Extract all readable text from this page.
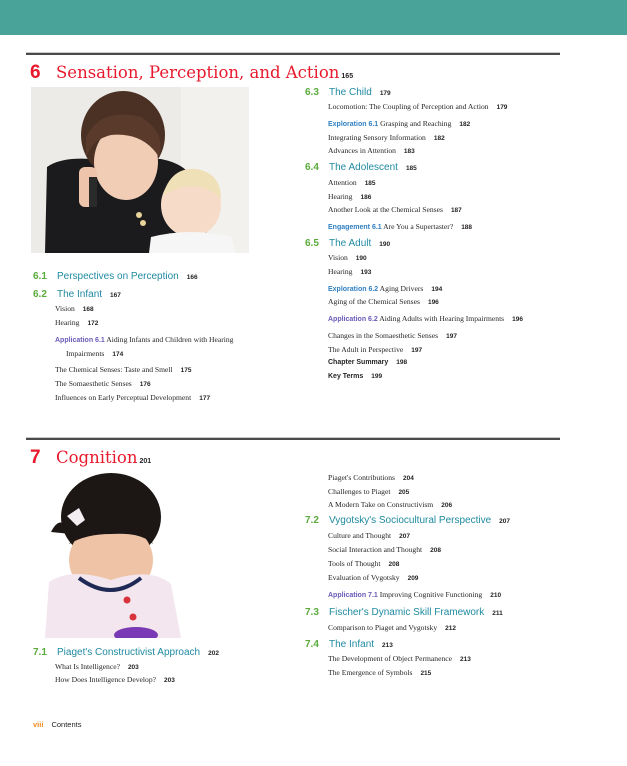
6 Sensation, Perception, and Action 165
6.1 Perspectives on Perception 166
6.2 The Infant 167
Vision 168
Hearing 172
Application 6.1 Aiding Infants and Children with Hearing
Impairments 174
The Chemical Senses: Taste and Smell 175
The Somaesthetic Senses 176
Influences on Early Perceptual Development 177
6.3 The Child 179
Locomotion: The Coupling of Perception and Action 179
Exploration 6.1 Grasping and Reaching 182
Integrating Sensory Information 182
Advances in Attention 183
6.4 The Adolescent 185
Attention 185
Hearing 186
Another Look at the Chemical Senses 187
Engagement 6.1 Are You a Supertaster? 188
6.5 The Adult 190
Vision 190
Hearing 193
Exploration 6.2 Aging Drivers 194
Aging of the Chemical Senses 196
Application 6.2 Aiding Adults with Hearing Impairments 196
Changes in the Somaesthetic Senses 197
The Adult in Perspective 197
Chapter Summary 198
Key Terms 199
7 Cognition 201
7.1 Piaget's Constructivist Approach 202
What Is Intelligence? 203
How Does Intelligence Develop? 203
Piaget's Contributions 204
Challenges to Piaget 205
A Modern Take on Constructivism 206
7.2 Vygotsky's Sociocultural Perspective 207
Culture and Thought 207
Social Interaction and Thought 208
Tools of Thought 208
Evaluation of Vygotsky 209
Application 7.1 Improving Cognitive Functioning 210
7.3 Fischer's Dynamic Skill Framework 211
Comparison to Piaget and Vygotsky 212
7.4 The Infant 213
The Development of Object Permanence 213
The Emergence of Symbols 215
viii Contents
